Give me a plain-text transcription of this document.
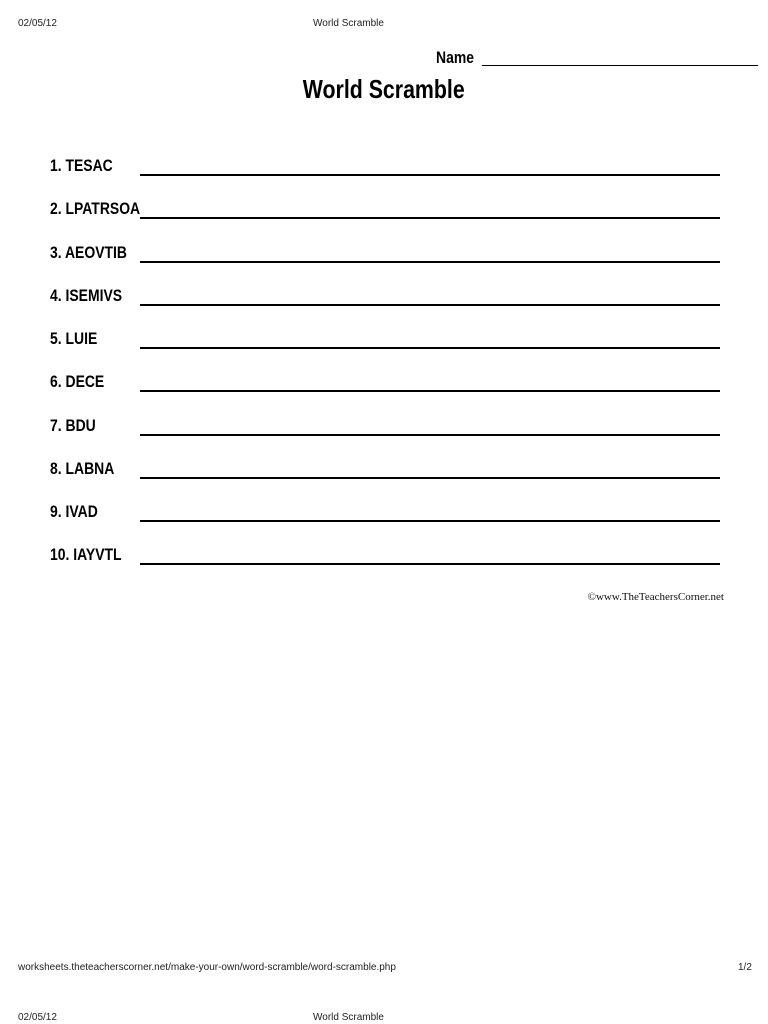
02/05/12	World Scramble
Name
World Scramble
1. TESAC
2. LPATRSOA
3. AEOVTIB
4. ISEMIVS
5. LUIE
6. DECE
7. BDU
8. LABNA
9. IVAD
10. IAYVTL
©www.TheTeachersCorner.net
worksheets.theteacherscorner.net/make-your-own/word-scramble/word-scramble.php	1/2
02/05/12	World Scramble
